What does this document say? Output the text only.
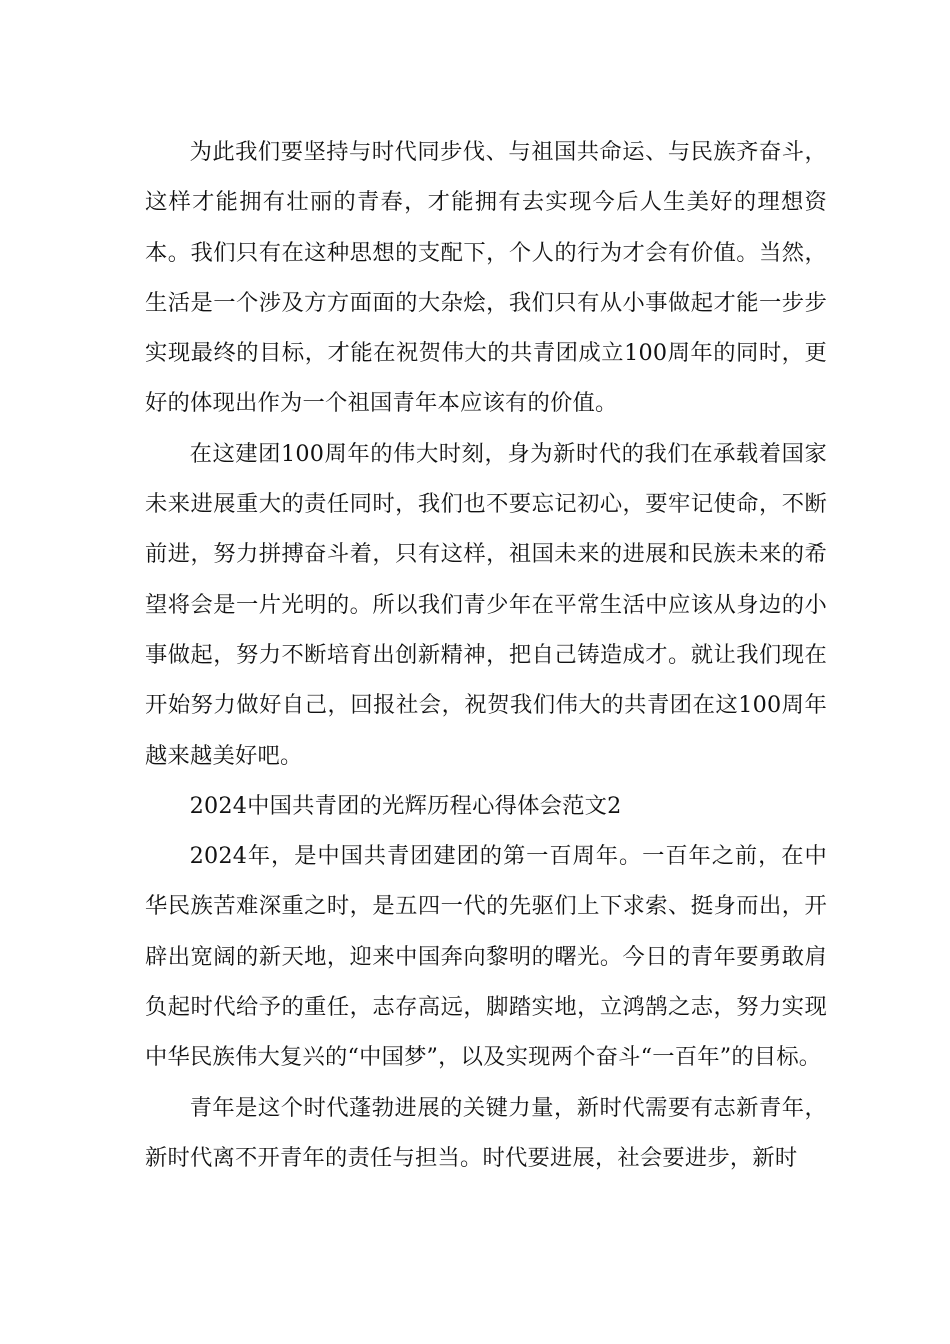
为此我们要坚持与时代同步伐、与祖国共命运、与民族齐奋斗，这样才能拥有壮丽的青春，才能拥有去实现今后人生美好的理想资本。我们只有在这种思想的支配下，个人的行为才会有价值。当然，生活是一个涉及方方面面的大杂烩，我们只有从小事做起才能一步步实现最终的目标，才能在祝贺伟大的共青团成立100周年的同时，更好的体现出作为一个祖国青年本应该有的价值。

在这建团100周年的伟大时刻，身为新时代的我们在承载着国家未来进展重大的责任同时，我们也不要忘记初心，要牢记使命，不断前进，努力拼搏奋斗着，只有这样，祖国未来的进展和民族未来的希望将会是一片光明的。所以我们青少年在平常生活中应该从身边的小事做起，努力不断培育出创新精神，把自己铸造成才。就让我们现在开始努力做好自己，回报社会，祝贺我们伟大的共青团在这100周年越来越美好吧。

2024中国共青团的光辉历程心得体会范文2

2024年，是中国共青团建团的第一百周年。一百年之前，在中华民族苦难深重之时，是五四一代的先驱们上下求索、挺身而出，开辟出宽阔的新天地，迎来中国奔向黎明的曙光。今日的青年要勇敢肩负起时代给予的重任，志存高远，脚踏实地，立鸿鹄之志，努力实现中华民族伟大复兴的“中国梦”，以及实现两个奋斗“一百年”的目标。

青年是这个时代蓬勃进展的关键力量，新时代需要有志新青年，新时代离不开青年的责任与担当。时代要进展，社会要进步，新时
